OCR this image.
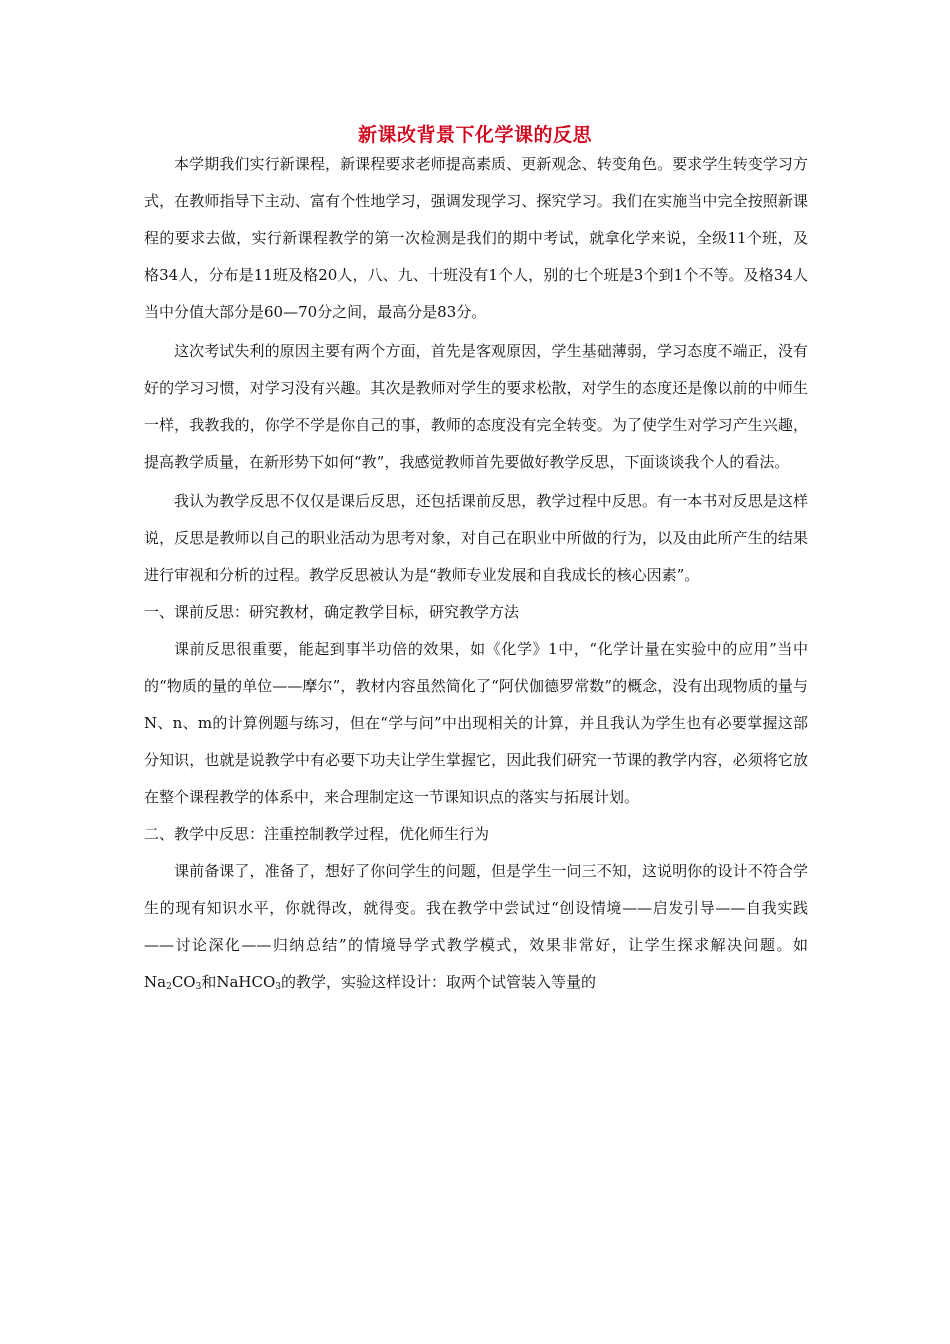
新课改背景下化学课的反思

本学期我们实行新课程，新课程要求老师提高素质、更新观念、转变角色。要求学生转变学习方式，在教师指导下主动、富有个性地学习，强调发现学习、探究学习。我们在实施当中完全按照新课程的要求去做，实行新课程教学的第一次检测是我们的期中考试，就拿化学来说，全级11个班，及格34人，分布是11班及格20人，八、九、十班没有1个人，别的七个班是3个到1个不等。及格34人当中分值大部分是60—70分之间，最高分是83分。

这次考试失利的原因主要有两个方面，首先是客观原因，学生基础薄弱，学习态度不端正，没有好的学习习惯，对学习没有兴趣。其次是教师对学生的要求松散，对学生的态度还是像以前的中师生一样，我教我的，你学不学是你自己的事，教师的态度没有完全转变。为了使学生对学习产生兴趣，提高教学质量，在新形势下如何“教”，我感觉教师首先要做好教学反思，下面谈谈我个人的看法。

我认为教学反思不仅仅是课后反思，还包括课前反思，教学过程中反思。有一本书对反思是这样说，反思是教师以自己的职业活动为思考对象，对自己在职业中所做的行为，以及由此所产生的结果进行审视和分析的过程。教学反思被认为是“教师专业发展和自我成长的核心因素”。

一、课前反思：研究教材，确定教学目标，研究教学方法

课前反思很重要，能起到事半功倍的效果，如《化学》1中，“化学计量在实验中的应用”当中的“物质的量的单位——摩尔”，教材内容虽然简化了“阿伏伽德罗常数”的概念，没有出现物质的量与N、n、m的计算例题与练习，但在“学与问”中出现相关的计算，并且我认为学生也有必要掌握这部分知识，也就是说教学中有必要下功夫让学生掌握它，因此我们研究一节课的教学内容，必须将它放在整个课程教学的体系中，来合理制定这一节课知识点的落实与拓展计划。

二、教学中反思：注重控制教学过程，优化师生行为

课前备课了，准备了，想好了你问学生的问题，但是学生一问三不知，这说明你的设计不符合学生的现有知识水平，你就得改，就得变。我在教学中尝试过“创设情境——启发引导——自我实践——讨论深化——归纳总结”的情境导学式教学模式，效果非常好，让学生探求解决问题。如$Na_2CO_3$和NaHCO$_3$的教学，实验这样设计：取两个试管装入等量的
